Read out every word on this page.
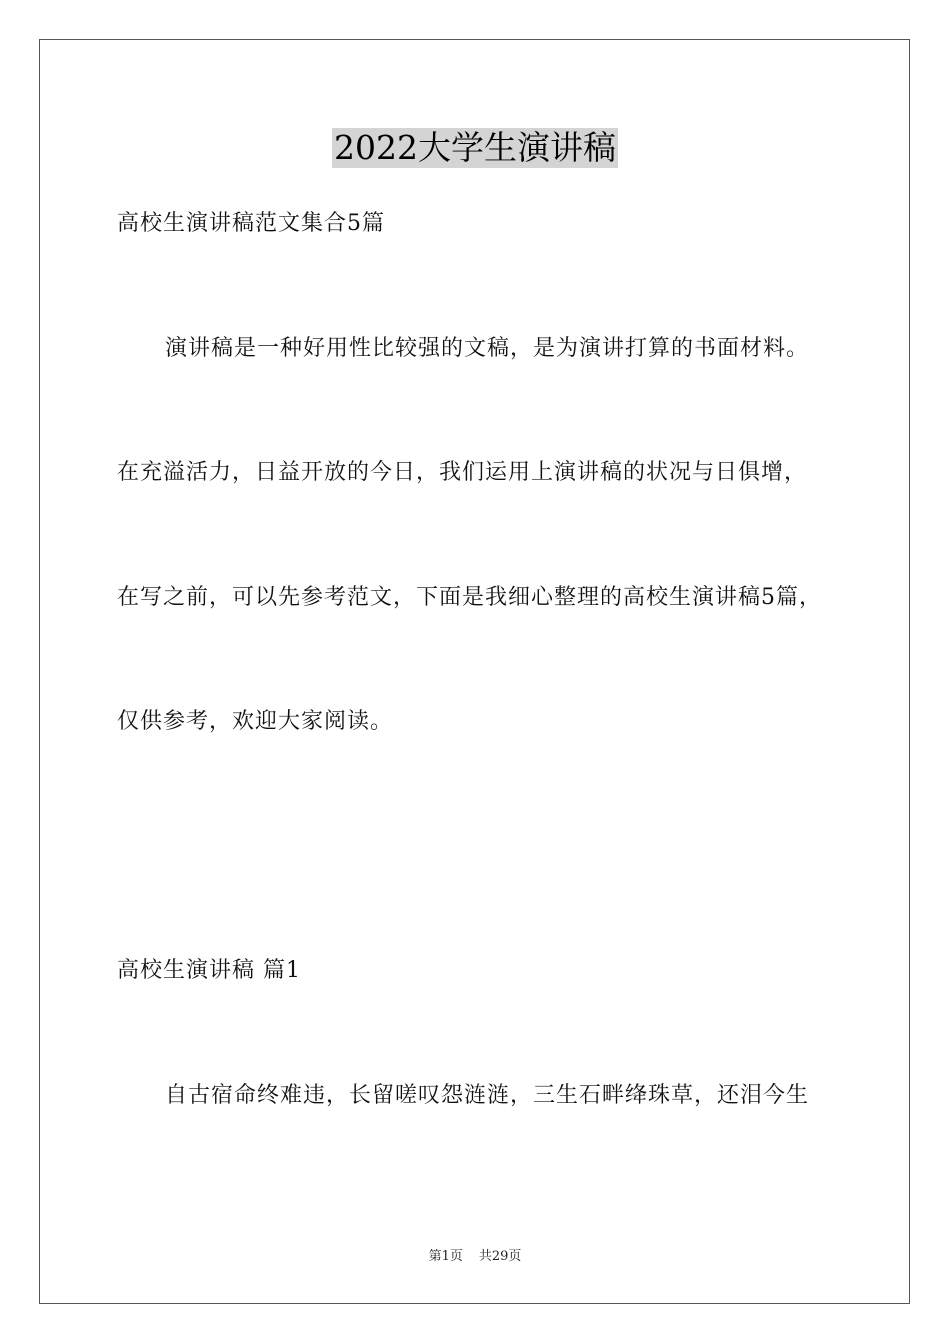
2022大学生演讲稿
高校生演讲稿范文集合5篇
演讲稿是一种好用性比较强的文稿，是为演讲打算的书面材料。
在充溢活力，日益开放的今日，我们运用上演讲稿的状况与日俱增，
在写之前，可以先参考范文，下面是我细心整理的高校生演讲稿5篇，
仅供参考，欢迎大家阅读。
高校生演讲稿 篇1
自古宿命终难违，长留嗟叹怨涟涟，三生石畔绛珠草，还泪今生
第1页 共29页
